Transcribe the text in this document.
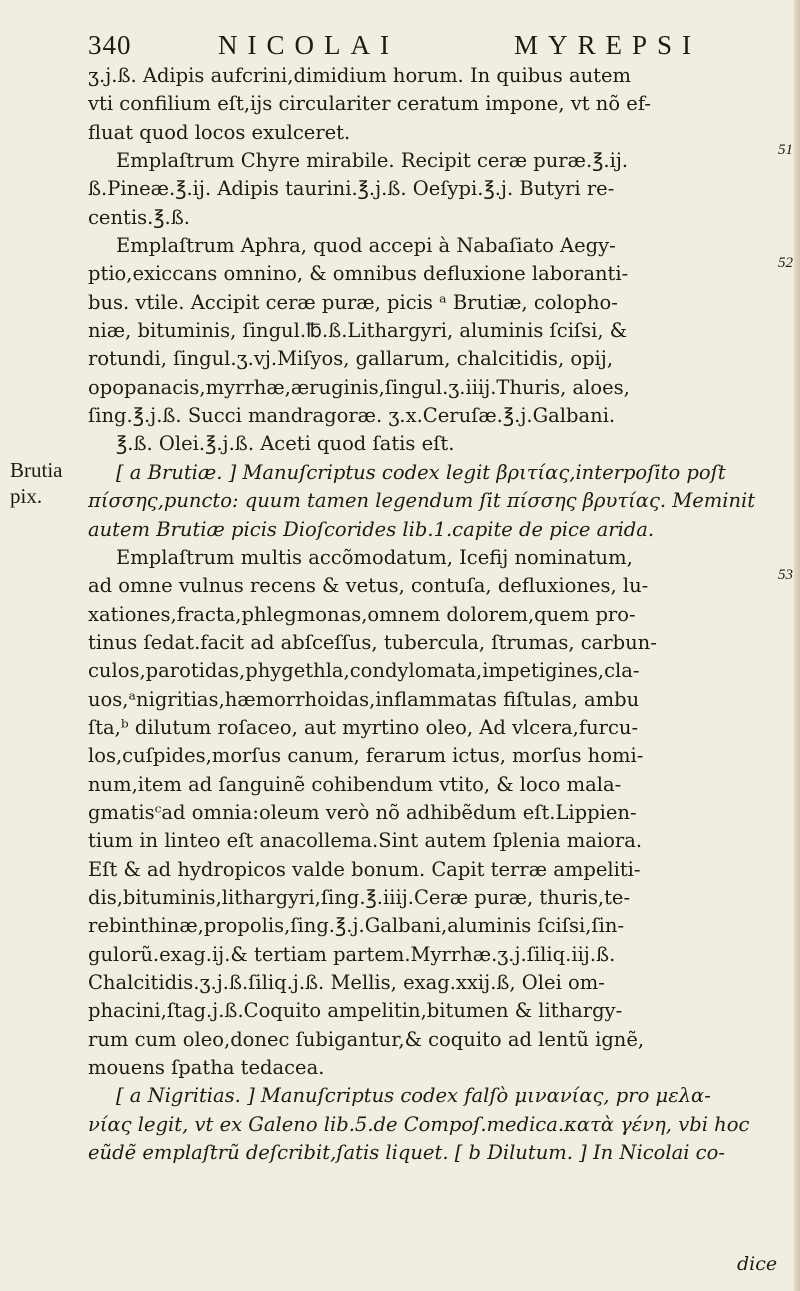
340	NICOLAI	MYREPSI
ʒ.j.ß. Adipis aufcrini,dimidium horum. In quibus autem
vti confilium eſt,ijs circulariter ceratum impone, vt nõ ef-
fluat quod locos exulceret.
Emplaſtrum Chyre mirabile. Recipit ceræ puræ.℥.ij.
ß.Pineæ.℥.ij. Adipis taurini.℥.j.ß. Oeſypi.℥.j. Butyri re-
centis.℥.ß.
Emplaſtrum Aphra, quod accepi à Nabaſiato Aegy-
ptio,exiccans omnino, & omnibus defluxione laboranti-
bus. vtile. Accipit ceræ puræ, picis ᵃ Brutiæ, colopho-
niæ, bituminis, ſingul.℔.ß.Lithargyri, aluminis ſciſsi, &
rotundi, ſingul.ʒ.vj.Miſyos, gallarum, chalcitidis, opij,
opopanacis,myrrhæ,æruginis,ſingul.ʒ.iiij.Thuris, aloes,
ſing.℥.j.ß. Succi mandragoræ. ʒ.x.Ceruſæ.℥.j.Galbani.
℥.ß. Olei.℥.j.ß. Aceti quod ſatis eſt.
[ a Brutiæ. ] Manuſcriptus codex legit βριτίας,interpoſito poſt
πίσσης,puncto: quum tamen legendum ſit πίσσης βρυτίας. Meminit
autem Brutiæ picis Dioſcorides lib.1.capite de pice arida.
Emplaſtrum multis accõmodatum, Icefij nominatum,
ad omne vulnus recens & vetus, contuſa, defluxiones, lu-
xationes,fracta,phlegmonas,omnem dolorem,quem pro-
tinus ſedat.facit ad abſceſſus, tubercula, ſtrumas, carbun-
culos,parotidas,phygethla,condylomata,impetigines,cla-
uos,ᵃnigritias,hæmorrhoidas,inflammatas fiſtulas, ambu
ſta,ᵇ dilutum roſaceo, aut myrtino oleo, Ad vlcera,furcu-
los,cuſpides,morſus canum, ferarum ictus, morſus homi-
num,item ad ſanguinẽ cohibendum vtito, & loco mala-
gmatisᶜad omnia:oleum verò nõ adhibẽdum eſt.Lippien-
tium in linteo eſt anacollema.Sint autem ſplenia maiora.
Eſt & ad hydropicos valde bonum. Capit terræ ampeliti-
dis,bituminis,lithargyri,ſing.℥.iiij.Ceræ puræ, thuris,te-
rebinthinæ,propolis,ſing.℥.j.Galbani,aluminis ſciſsi,ſin-
gulorũ.exag.ij.& tertiam partem.Myrrhæ.ʒ.j.ſiliq.iij.ß.
Chalcitidis.ʒ.j.ß.ſiliq.j.ß. Mellis, exag.xxij.ß, Olei om-
phacini,ſtag.j.ß.Coquito ampelitin,bitumen & lithargy-
rum cum oleo,donec ſubigantur,& coquito ad lentũ ignẽ,
mouens ſpatha tedacea.
[ a Nigritias. ] Manuſcriptus codex falſò μινανίας, pro μελα-
νίας legit, vt ex Galeno lib.5.de Compoſ.medica.κατὰ γένη, vbi hoc
eũdẽ emplaſtrũ deſcribit,ſatis liquet. [ b Dilutum. ] In Nicolai co-
51
52
53
Brutia
pix.
dice
